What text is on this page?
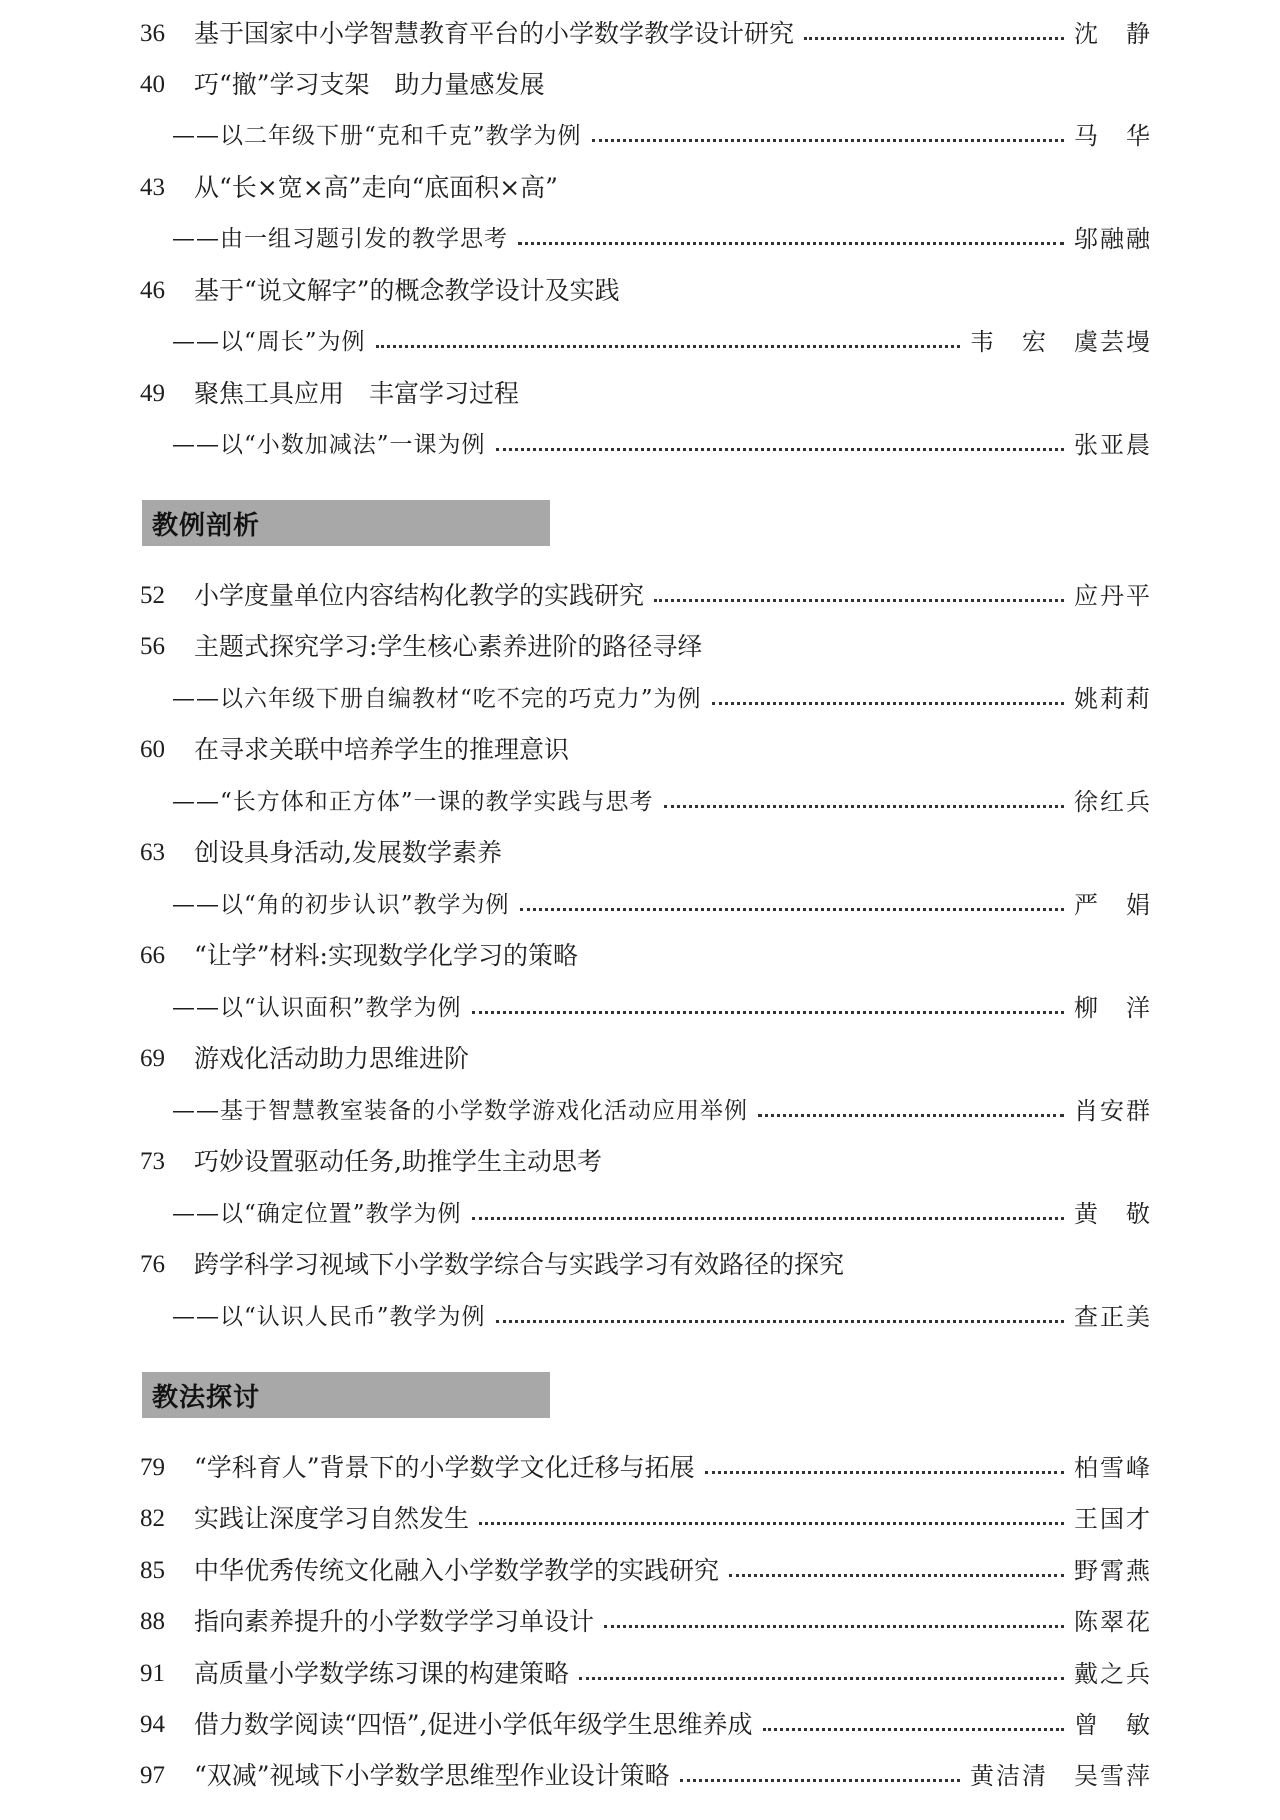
36	基于国家中小学智慧教育平台的小学数学教学设计研究	沈　静
40	巧“撤”学习支架　助力量感发展
——以二年级下册“克和千克”教学为例	马　华
43	从“长×宽×高”走向“底面积×高”
——由一组习题引发的教学思考	邬融融
46	基于“说文解字”的概念教学设计及实践
——以“周长”为例	韦　宏　虞芸墁
49	聚焦工具应用　丰富学习过程
——以“小数加减法”一课为例	张亚晨
教例剖析
52	小学度量单位内容结构化教学的实践研究	应丹平
56	主题式探究学习:学生核心素养进阶的路径寻绎
——以六年级下册自编教材“吃不完的巧克力”为例	姚莉莉
60	在寻求关联中培养学生的推理意识
——“长方体和正方体”一课的教学实践与思考	徐红兵
63	创设具身活动,发展数学素养
——以“角的初步认识”教学为例	严　娟
66	“让学”材料:实现数学化学习的策略
——以“认识面积”教学为例	柳　洋
69	游戏化活动助力思维进阶
——基于智慧教室装备的小学数学游戏化活动应用举例	肖安群
73	巧妙设置驱动任务,助推学生主动思考
——以“确定位置”教学为例	黄　敬
76	跨学科学习视域下小学数学综合与实践学习有效路径的探究
——以“认识人民币”教学为例	查正美
教法探讨
79	“学科育人”背景下的小学数学文化迁移与拓展	柏雪峰
82	实践让深度学习自然发生	王国才
85	中华优秀传统文化融入小学数学教学的实践研究	野霄燕
88	指向素养提升的小学数学学习单设计	陈翠花
91	高质量小学数学练习课的构建策略	戴之兵
94	借力数学阅读“四悟”,促进小学低年级学生思维养成	曾　敏
97	“双减”视域下小学数学思维型作业设计策略	黄洁清　吴雪萍
